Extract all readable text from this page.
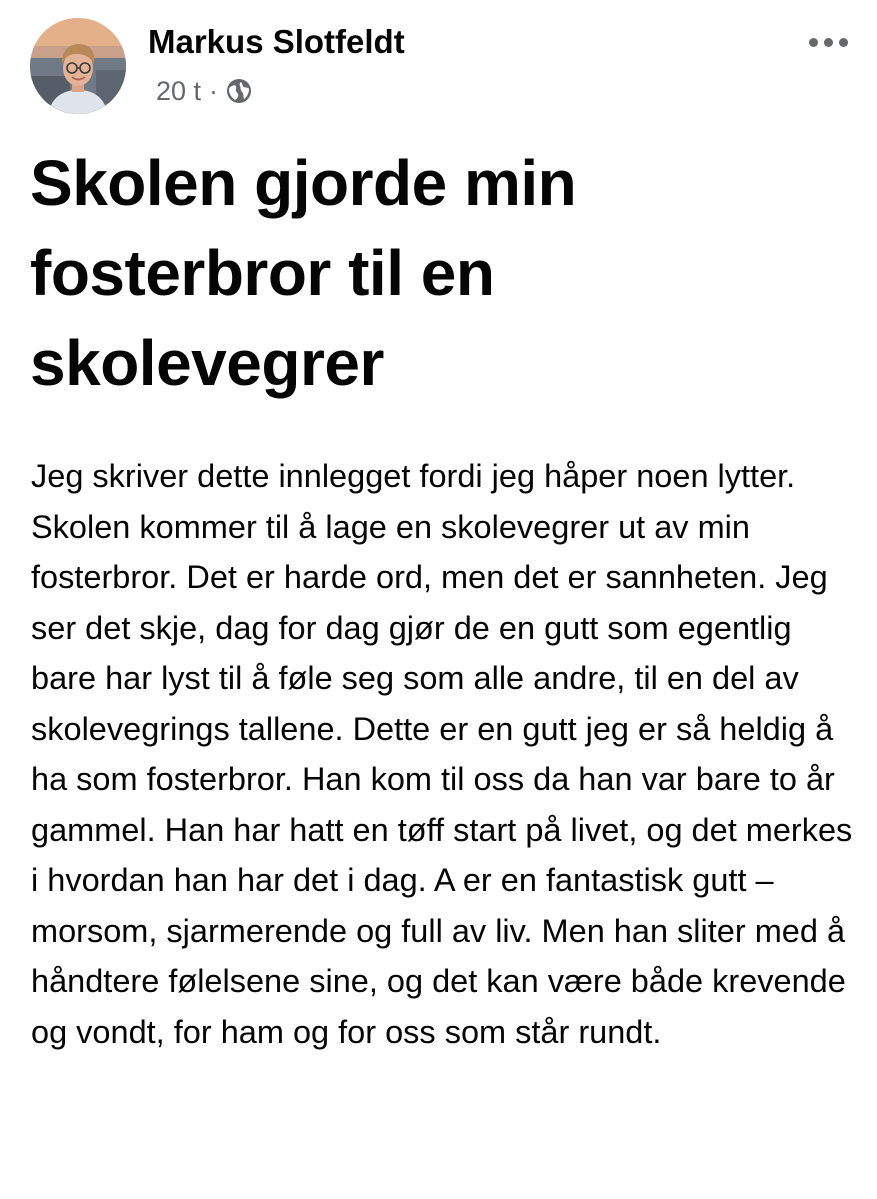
Markus Slotfeldt
20 t ·
Skolen gjorde min fosterbror til en skolevegrer

Jeg skriver dette innlegget fordi jeg håper noen lytter. Skolen kommer til å lage en skolevegrer ut av min fosterbror. Det er harde ord, men det er sannheten. Jeg ser det skje, dag for dag gjør de en gutt som egentlig bare har lyst til å føle seg som alle andre, til en del av skolevegrings tallene. Dette er en gutt jeg er så heldig å ha som fosterbror. Han kom til oss da han var bare to år gammel. Han har hatt en tøff start på livet, og det merkes i hvordan han har det i dag. A er en fantastisk gutt – morsom, sjarmerende og full av liv. Men han sliter med å håndtere følelsene sine, og det kan være både krevende og vondt, for ham og for oss som står rundt.
